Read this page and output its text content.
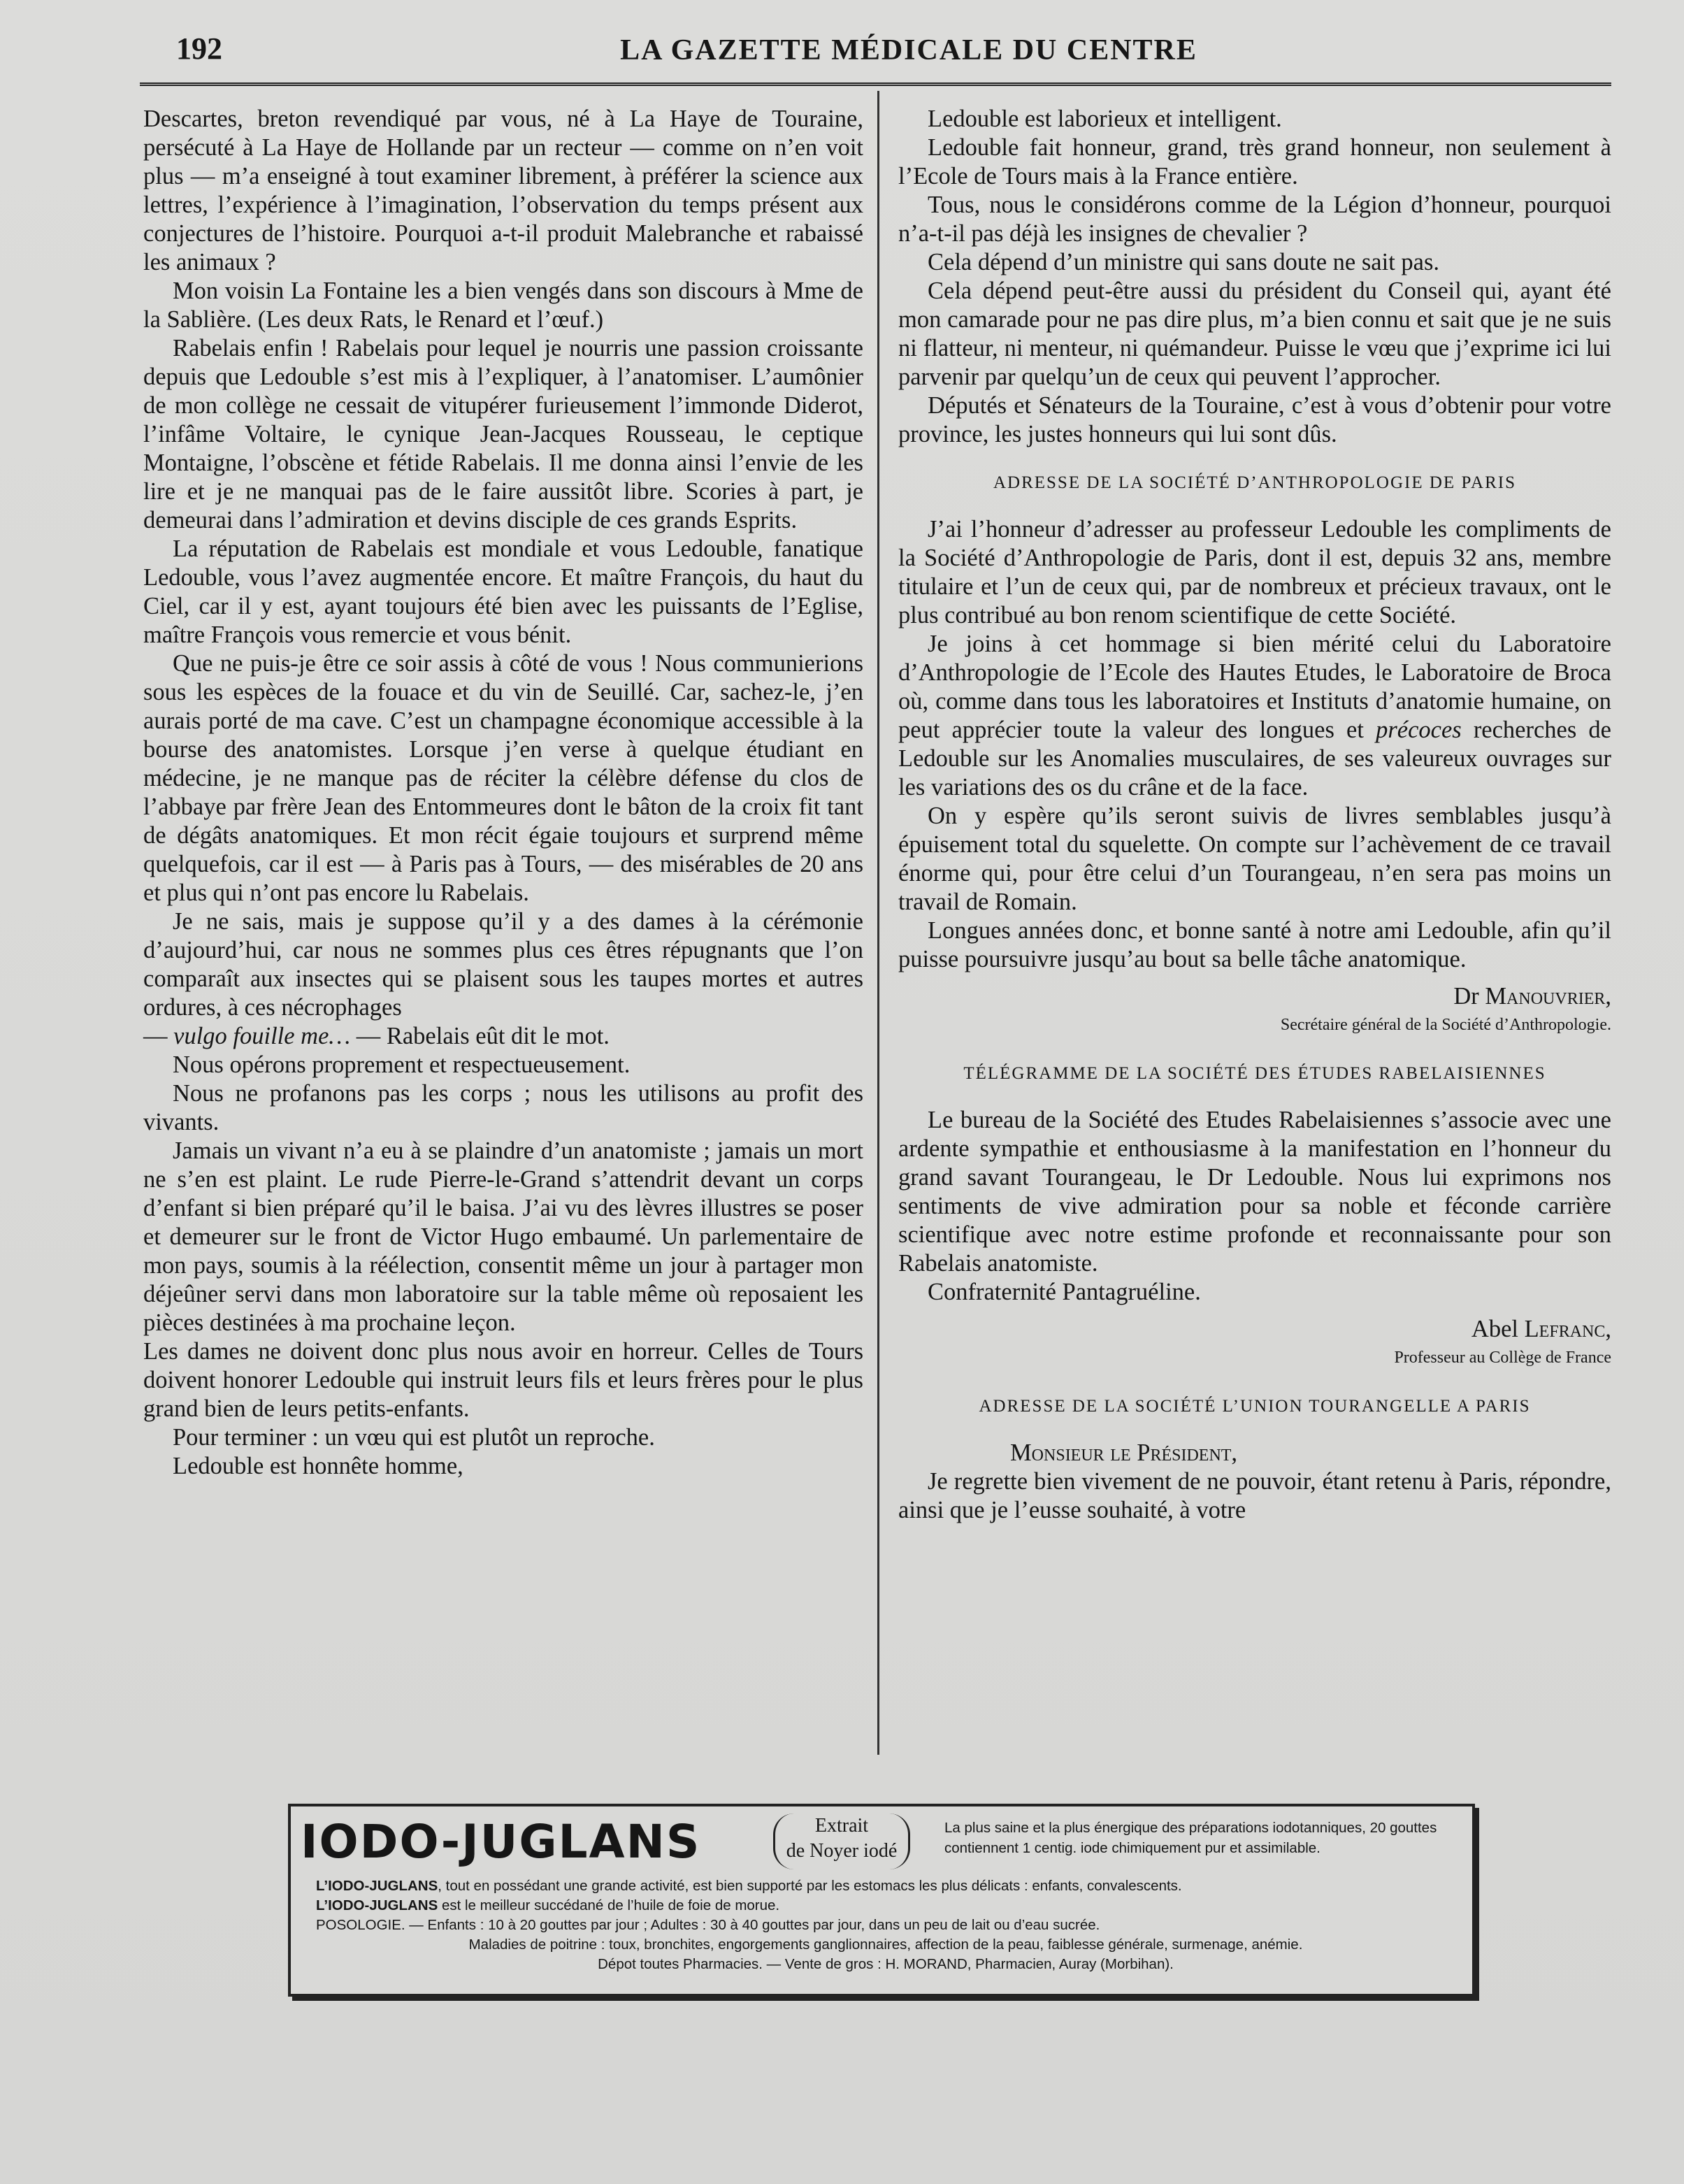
192	LA GAZETTE MÉDICALE DU CENTRE

Descartes, breton revendiqué par vous, né à La Haye de Touraine, persécuté à La Haye de Hollande par un recteur — comme on n’en voit plus — m’a enseigné à tout examiner librement, à préférer la science aux lettres, l’expérience à l’imagination, l’observation du temps présent aux conjectures de l’histoire. Pourquoi a-t-il produit Malebranche et rabaissé les animaux ?

Mon voisin La Fontaine les a bien vengés dans son discours à Mme de la Sablière. (Les deux Rats, le Renard et l’œuf.)

Rabelais enfin ! Rabelais pour lequel je nourris une passion croissante depuis que Ledouble s’est mis à l’expliquer, à l’anatomiser. L’aumônier de mon collège ne cessait de vitupérer furieusement l’immonde Diderot, l’infâme Voltaire, le cynique Jean-Jacques Rousseau, le ceptique Montaigne, l’obscène et fétide Rabelais. Il me donna ainsi l’envie de les lire et je ne manquai pas de le faire aussitôt libre. Scories à part, je demeurai dans l’admiration et devins disciple de ces grands Esprits.

La réputation de Rabelais est mondiale et vous Ledouble, fanatique Ledouble, vous l’avez augmentée encore. Et maître François, du haut du Ciel, car il y est, ayant toujours été bien avec les puissants de l’Eglise, maître François vous remercie et vous bénit.

Que ne puis-je être ce soir assis à côté de vous ! Nous communierions sous les espèces de la fouace et du vin de Seuillé. Car, sachez-le, j’en aurais porté de ma cave. C’est un champagne économique accessible à la bourse des anatomistes. Lorsque j’en verse à quelque étudiant en médecine, je ne manque pas de réciter la célèbre défense du clos de l’abbaye par frère Jean des Entommeures dont le bâton de la croix fit tant de dégâts anatomiques. Et mon récit égaie toujours et surprend même quelquefois, car il est — à Paris pas à Tours, — des misérables de 20 ans et plus qui n’ont pas encore lu Rabelais.

Je ne sais, mais je suppose qu’il y a des dames à la cérémonie d’aujourd’hui, car nous ne sommes plus ces êtres répugnants que l’on comparaît aux insectes qui se plaisent sous les taupes mortes et autres ordures, à ces nécrophages

— vulgo fouille me… — Rabelais eût dit le mot.

Nous opérons proprement et respectueusement.

Nous ne profanons pas les corps ; nous les utilisons au profit des vivants.

Jamais un vivant n’a eu à se plaindre d’un anatomiste ; jamais un mort ne s’en est plaint. Le rude Pierre-le-Grand s’attendrit devant un corps d’enfant si bien préparé qu’il le baisa. J’ai vu des lèvres illustres se poser et demeurer sur le front de Victor Hugo embaumé. Un parlementaire de mon pays, soumis à la réélection, consentit même un jour à partager mon déjeûner servi dans mon laboratoire sur la table même où reposaient les pièces destinées à ma prochaine leçon.

Les dames ne doivent donc plus nous avoir en horreur. Celles de Tours doivent honorer Ledouble qui instruit leurs fils et leurs frères pour le plus grand bien de leurs petits-enfants.

Pour terminer : un vœu qui est plutôt un reproche.

Ledouble est honnête homme,

Ledouble est laborieux et intelligent.

Ledouble fait honneur, grand, très grand honneur, non seulement à l’Ecole de Tours mais à la France entière.

Tous, nous le considérons comme de la Légion d’honneur, pourquoi n’a-t-il pas déjà les insignes de chevalier ?

Cela dépend d’un ministre qui sans doute ne sait pas.

Cela dépend peut-être aussi du président du Conseil qui, ayant été mon camarade pour ne pas dire plus, m’a bien connu et sait que je ne suis ni flatteur, ni menteur, ni quémandeur. Puisse le vœu que j’exprime ici lui parvenir par quelqu’un de ceux qui peuvent l’approcher.

Députés et Sénateurs de la Touraine, c’est à vous d’obtenir pour votre province, les justes honneurs qui lui sont dûs.

ADRESSE DE LA SOCIÉTÉ D’ANTHROPOLOGIE DE PARIS

J’ai l’honneur d’adresser au professeur Ledouble les compliments de la Société d’Anthropologie de Paris, dont il est, depuis 32 ans, membre titulaire et l’un de ceux qui, par de nombreux et précieux travaux, ont le plus contribué au bon renom scientifique de cette Société.

Je joins à cet hommage si bien mérité celui du Laboratoire d’Anthropologie de l’Ecole des Hautes Etudes, le Laboratoire de Broca où, comme dans tous les laboratoires et Instituts d’anatomie humaine, on peut apprécier toute la valeur des longues et précoces recherches de Ledouble sur les Anomalies musculaires, de ses valeureux ouvrages sur les variations des os du crâne et de la face.

On y espère qu’ils seront suivis de livres semblables jusqu’à épuisement total du squelette. On compte sur l’achèvement de ce travail énorme qui, pour être celui d’un Tourangeau, n’en sera pas moins un travail de Romain.

Longues années donc, et bonne santé à notre ami Ledouble, afin qu’il puisse poursuivre jusqu’au bout sa belle tâche anatomique.

Dr Manouvrier,

Secrétaire général de la Société d’Anthropologie.

TÉLÉGRAMME DE LA SOCIÉTÉ DES ÉTUDES RABELAISIENNES

Le bureau de la Société des Etudes Rabelaisiennes s’associe avec une ardente sympathie et enthousiasme à la manifestation en l’honneur du grand savant Tourangeau, le Dr Ledouble. Nous lui exprimons nos sentiments de vive admiration pour sa noble et féconde carrière scientifique avec notre estime profonde et reconnaissante pour son Rabelais anatomiste.

Confraternité Pantagruéline.

Abel Lefranc,

Professeur au Collège de France

ADRESSE DE LA SOCIÉTÉ L’UNION TOURANGELLE A PARIS

Monsieur le Président,

Je regrette bien vivement de ne pouvoir, étant retenu à Paris, répondre, ainsi que je l’eusse souhaité, à votre

IODO-JUGLANS	Extrait
de Noyer iodé
La plus saine et la plus énergique des préparations iodotanniques, 20 gouttes contiennent 1 centig. iode chimiquement pur et assimilable.

L’IODO-JUGLANS, tout en possédant une grande activité, est bien supporté par les estomacs les plus délicats : enfants, convalescents.

L’IODO-JUGLANS est le meilleur succédané de l’huile de foie de morue.

POSOLOGIE. — Enfants : 10 à 20 gouttes par jour ; Adultes : 30 à 40 gouttes par jour, dans un peu de lait ou d’eau sucrée.

Maladies de poitrine : toux, bronchites, engorgements ganglionnaires, affection de la peau, faiblesse générale, surmenage, anémie.

Dépot toutes Pharmacies. — Vente de gros : H. MORAND, Pharmacien, Auray (Morbihan).
